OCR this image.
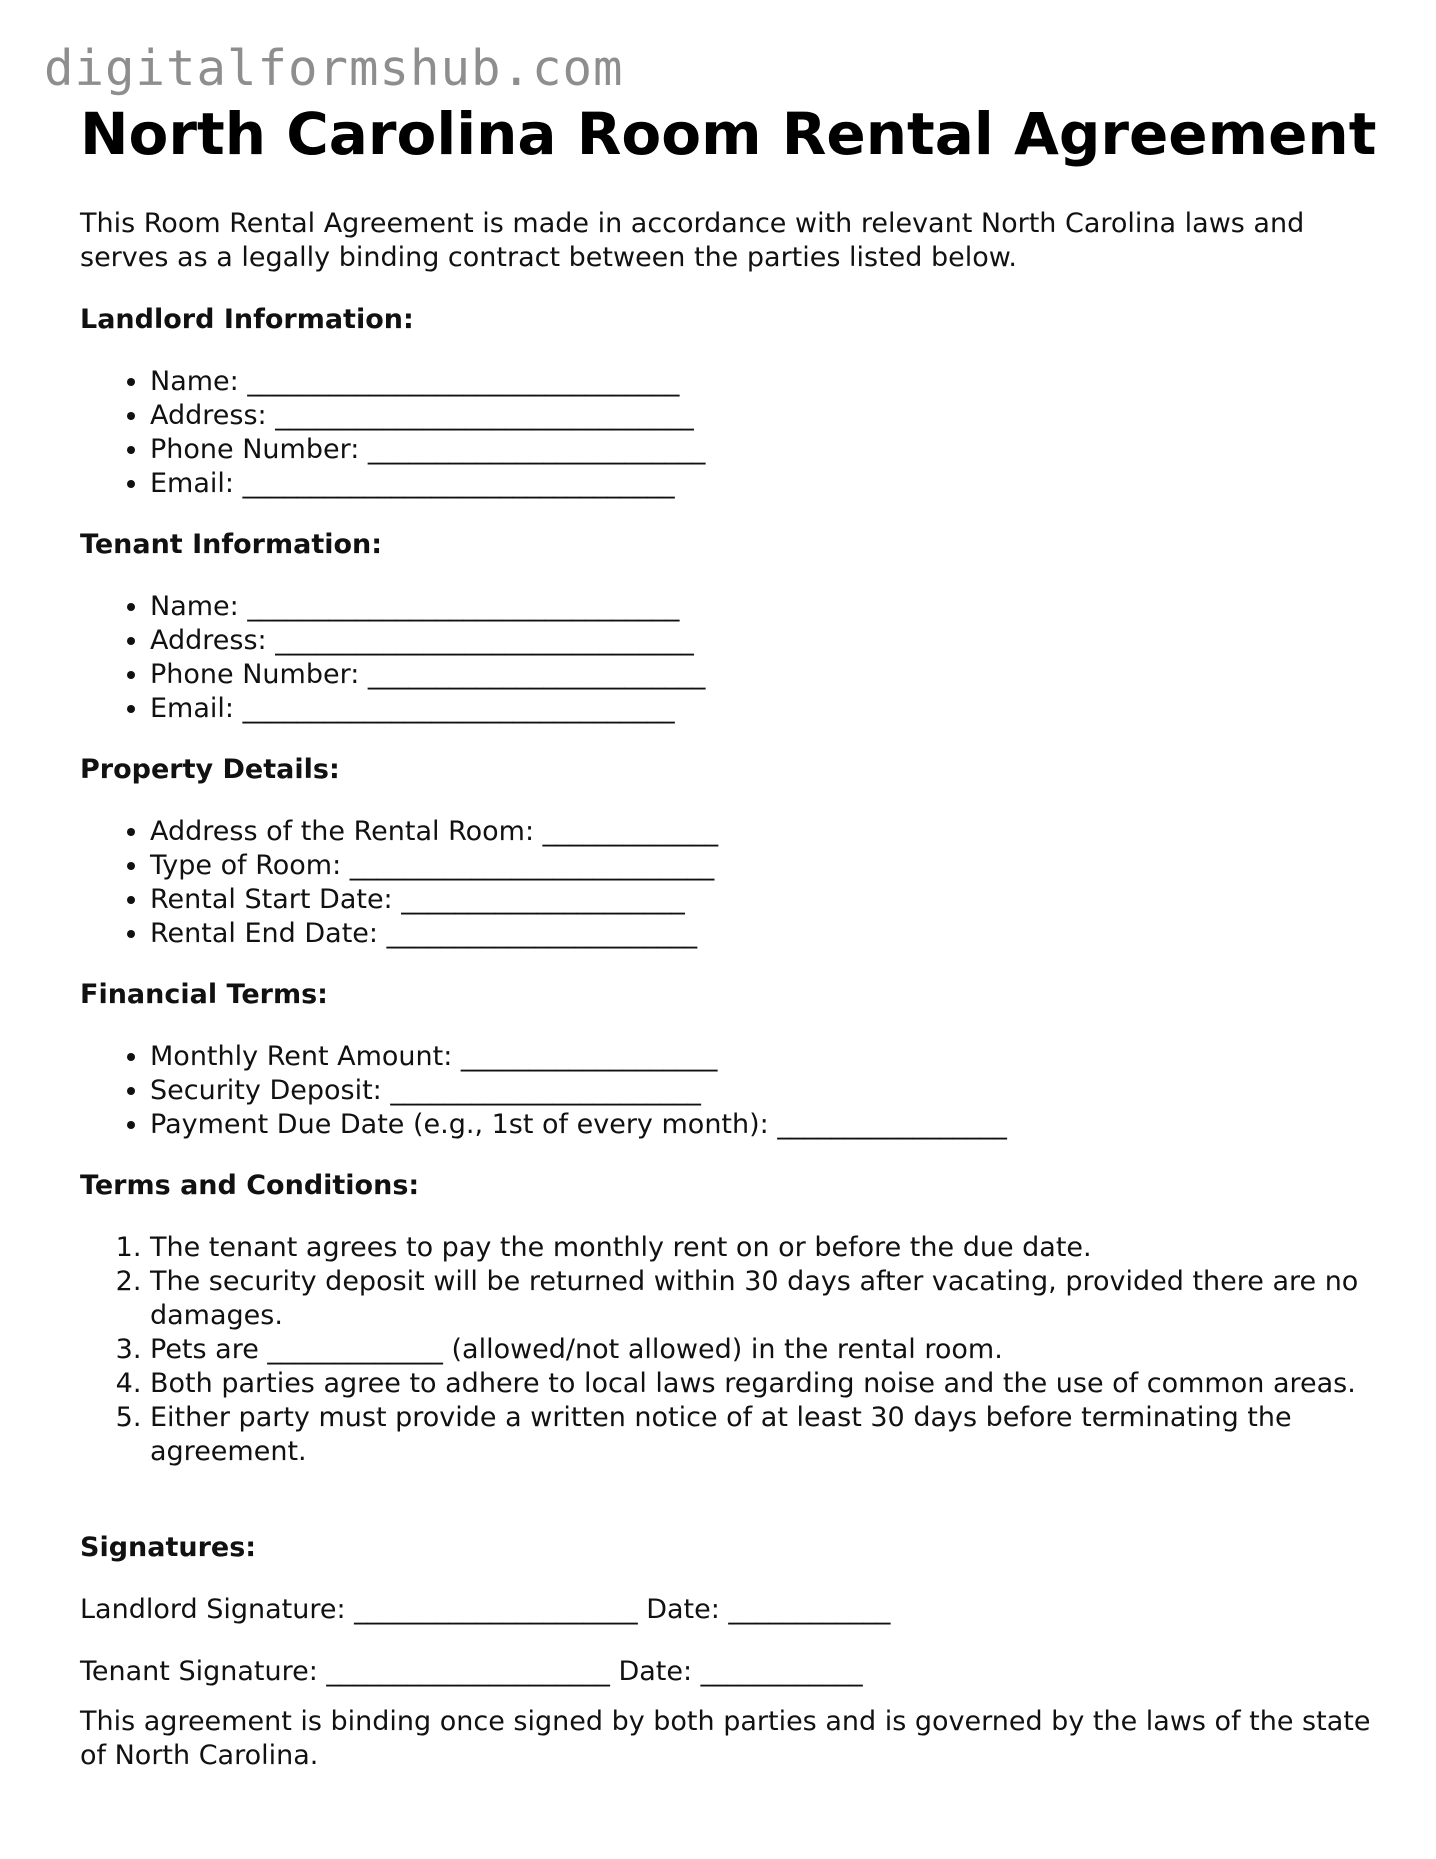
digitalformshub.com
North Carolina Room Rental Agreement

This Room Rental Agreement is made in accordance with relevant North Carolina laws and serves as a legally binding contract between the parties listed below.

Landlord Information:
• Name: ________________________________
• Address: _______________________________
• Phone Number: _________________________
• Email: ________________________________
Tenant Information:
• Name: ________________________________
• Address: _______________________________
• Phone Number: _________________________
• Email: ________________________________
Property Details:
• Address of the Rental Room: _____________
• Type of Room: ___________________________
• Rental Start Date: _____________________
• Rental End Date: _______________________
Financial Terms:
• Monthly Rent Amount: ___________________
• Security Deposit: _______________________
• Payment Due Date (e.g., 1st of every month): _________________
Terms and Conditions:
1. The tenant agrees to pay the monthly rent on or before the due date.
2. The security deposit will be returned within 30 days after vacating, provided there are no damages.
3. Pets are _____________ (allowed/not allowed) in the rental room.
4. Both parties agree to adhere to local laws regarding noise and the use of common areas.
5. Either party must provide a written notice of at least 30 days before terminating the agreement.
Signatures:

Landlord Signature: _____________________ Date: ____________

Tenant Signature: _____________________ Date: ____________

This agreement is binding once signed by both parties and is governed by the laws of the state of North Carolina.
